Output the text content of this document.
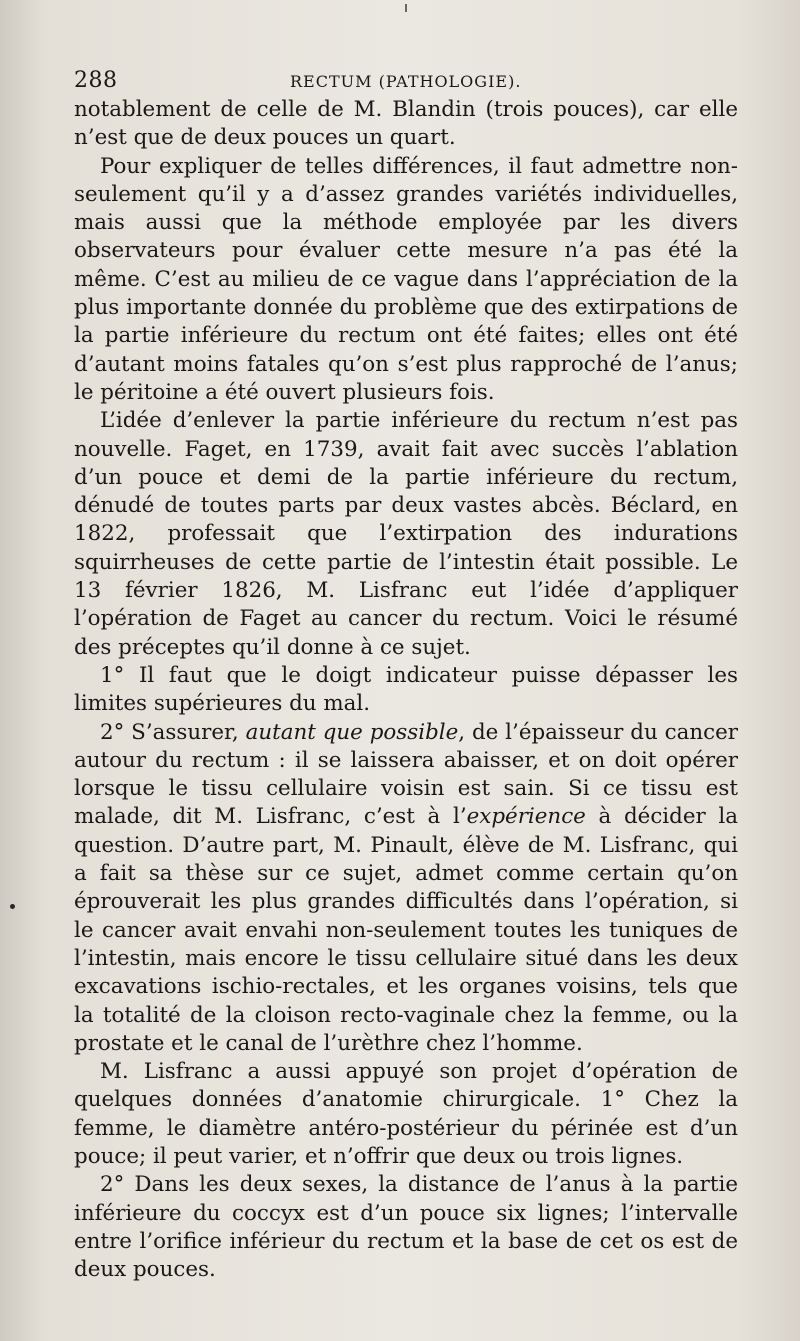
288	RECTUM (PATHOLOGIE).

notablement de celle de M. Blandin (trois pouces), car elle n’est que de deux pouces un quart.

Pour expliquer de telles différences, il faut admettre non-seulement qu’il y a d’assez grandes variétés individuelles, mais aussi que la méthode employée par les divers observateurs pour évaluer cette mesure n’a pas été la même. C’est au milieu de ce vague dans l’appréciation de la plus importante donnée du problème que des extirpations de la partie inférieure du rectum ont été faites; elles ont été d’autant moins fatales qu’on s’est plus rapproché de l’anus; le péritoine a été ouvert plusieurs fois.

L’idée d’enlever la partie inférieure du rectum n’est pas nouvelle. Faget, en 1739, avait fait avec succès l’ablation d’un pouce et demi de la partie inférieure du rectum, dénudé de toutes parts par deux vastes abcès. Béclard, en 1822, professait que l’extirpation des indurations squirrheuses de cette partie de l’intestin était possible. Le 13 février 1826, M. Lisfranc eut l’idée d’appliquer l’opération de Faget au cancer du rectum. Voici le résumé des préceptes qu’il donne à ce sujet.

1° Il faut que le doigt indicateur puisse dépasser les limites supérieures du mal.

2° S’assurer, autant que possible, de l’épaisseur du cancer autour du rectum : il se laissera abaisser, et on doit opérer lorsque le tissu cellulaire voisin est sain. Si ce tissu est malade, dit M. Lisfranc, c’est à l’expérience à décider la question. D’autre part, M. Pinault, élève de M. Lisfranc, qui a fait sa thèse sur ce sujet, admet comme certain qu’on éprouverait les plus grandes difficultés dans l’opération, si le cancer avait envahi non-seulement toutes les tuniques de l’intestin, mais encore le tissu cellulaire situé dans les deux excavations ischio-rectales, et les organes voisins, tels que la totalité de la cloison recto-vaginale chez la femme, ou la prostate et le canal de l’urèthre chez l’homme.

M. Lisfranc a aussi appuyé son projet d’opération de quelques données d’anatomie chirurgicale. 1° Chez la femme, le diamètre antéro-postérieur du périnée est d’un pouce; il peut varier, et n’offrir que deux ou trois lignes.

2° Dans les deux sexes, la distance de l’anus à la partie inférieure du coccyx est d’un pouce six lignes; l’intervalle entre l’orifice inférieur du rectum et la base de cet os est de deux pouces.
